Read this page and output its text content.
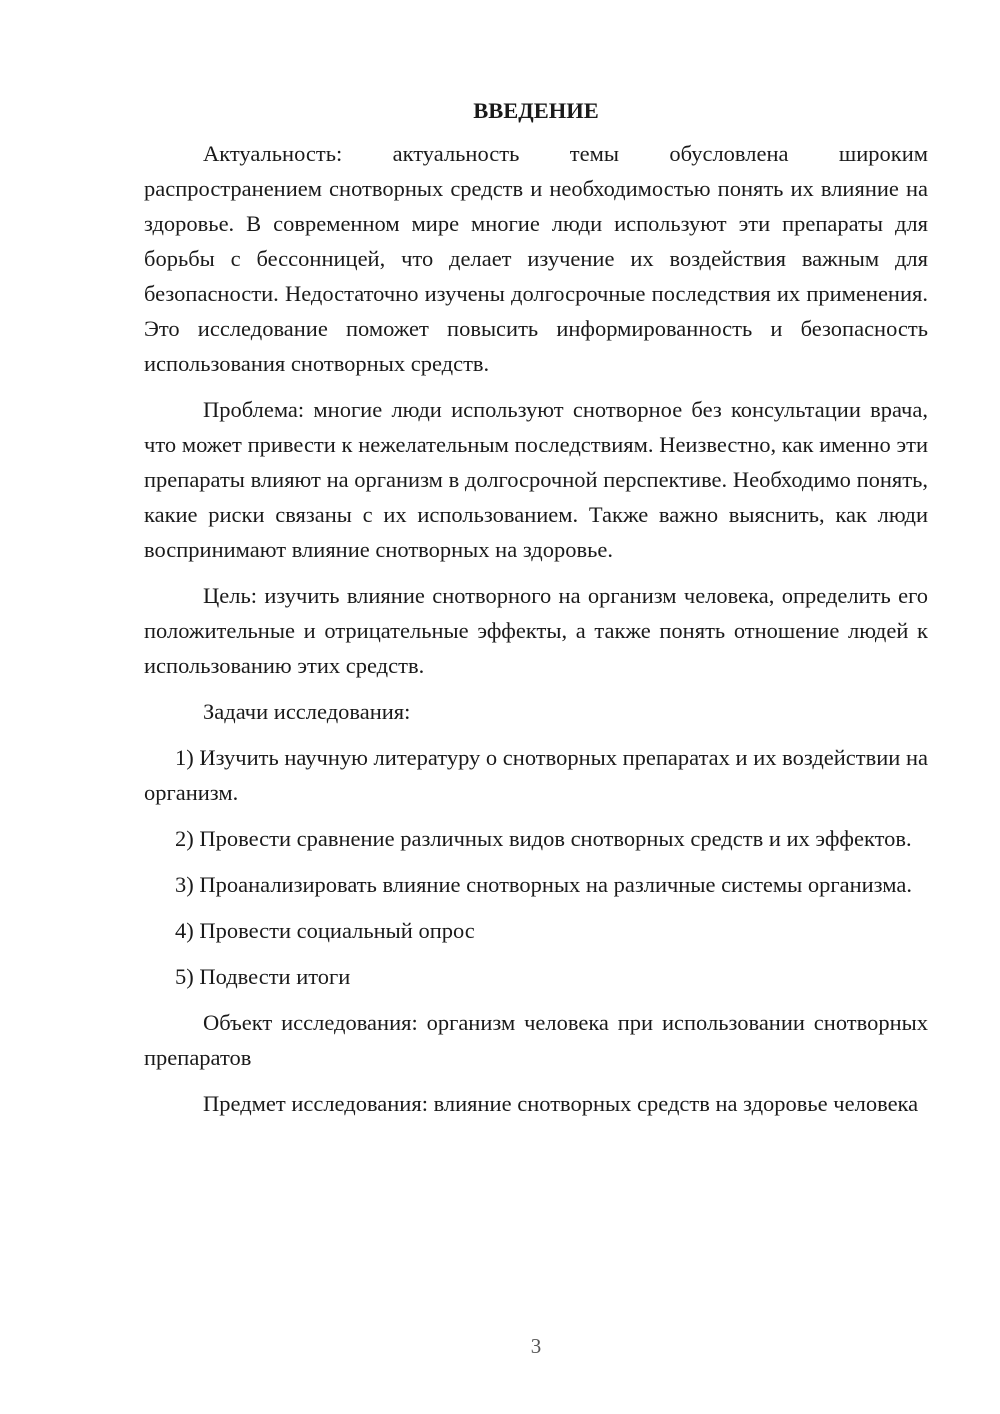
ВВЕДЕНИЕ

Актуальность: актуальность темы обусловлена широким распространением снотворных средств и необходимостью понять их влияние на здоровье. В современном мире многие люди используют эти препараты для борьбы с бессонницей, что делает изучение их воздействия важным для безопасности. Недостаточно изучены долгосрочные последствия их применения. Это исследование поможет повысить информированность и безопасность использования снотворных средств.

Проблема: многие люди используют снотворное без консультации врача, что может привести к нежелательным последствиям. Неизвестно, как именно эти препараты влияют на организм в долгосрочной перспективе. Необходимо понять, какие риски связаны с их использованием. Также важно выяснить, как люди воспринимают влияние снотворных на здоровье.

Цель: изучить влияние снотворного на организм человека, определить его положительные и отрицательные эффекты, а также понять отношение людей к использованию этих средств.

Задачи исследования:

1) Изучить научную литературу о снотворных препаратах и их воздействии на организм.

2) Провести сравнение различных видов снотворных средств и их эффектов.

3) Проанализировать влияние снотворных на различные системы организма.

4) Провести социальный опрос

5) Подвести итоги

Объект исследования: организм человека при использовании снотворных препаратов

Предмет исследования: влияние снотворных средств на здоровье человека

3
